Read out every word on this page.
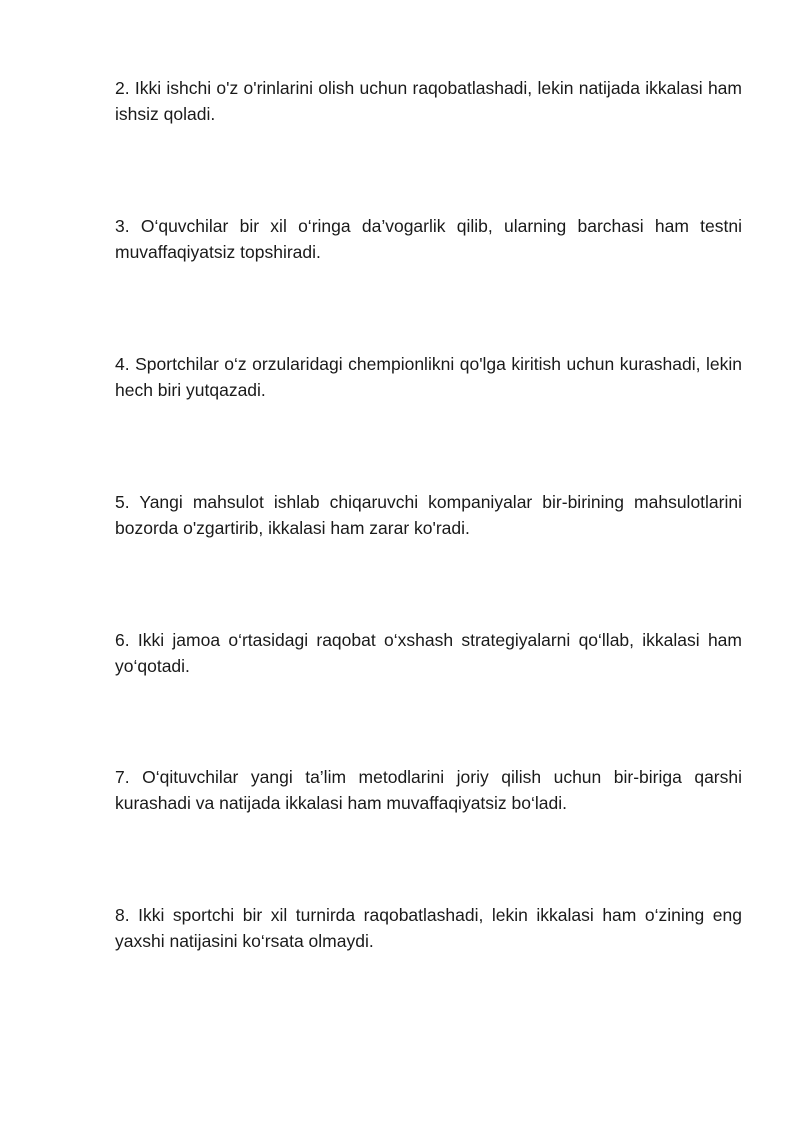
2. Ikki ishchi o'z o'rinlarini olish uchun raqobatlashadi, lekin natijada ikkalasi ham ishsiz qoladi.

3. O‘quvchilar bir xil o‘ringa da’vogarlik qilib, ularning barchasi ham testni muvaffaqiyatsiz topshiradi.

4. Sportchilar o‘z orzularidagi chempionlikni qo'lga kiritish uchun kurashadi, lekin hech biri yutqazadi.

5. Yangi mahsulot ishlab chiqaruvchi kompaniyalar bir-birining mahsulotlarini bozorda o'zgartirib, ikkalasi ham zarar ko'radi.

6. Ikki jamoa o‘rtasidagi raqobat o‘xshash strategiyalarni qo‘llab, ikkalasi ham yo‘qotadi.

7. O‘qituvchilar yangi ta’lim metodlarini joriy qilish uchun bir-biriga qarshi kurashadi va natijada ikkalasi ham muvaffaqiyatsiz bo‘ladi.

8. Ikki sportchi bir xil turnirda raqobatlashadi, lekin ikkalasi ham o‘zining eng yaxshi natijasini ko‘rsata olmaydi.
